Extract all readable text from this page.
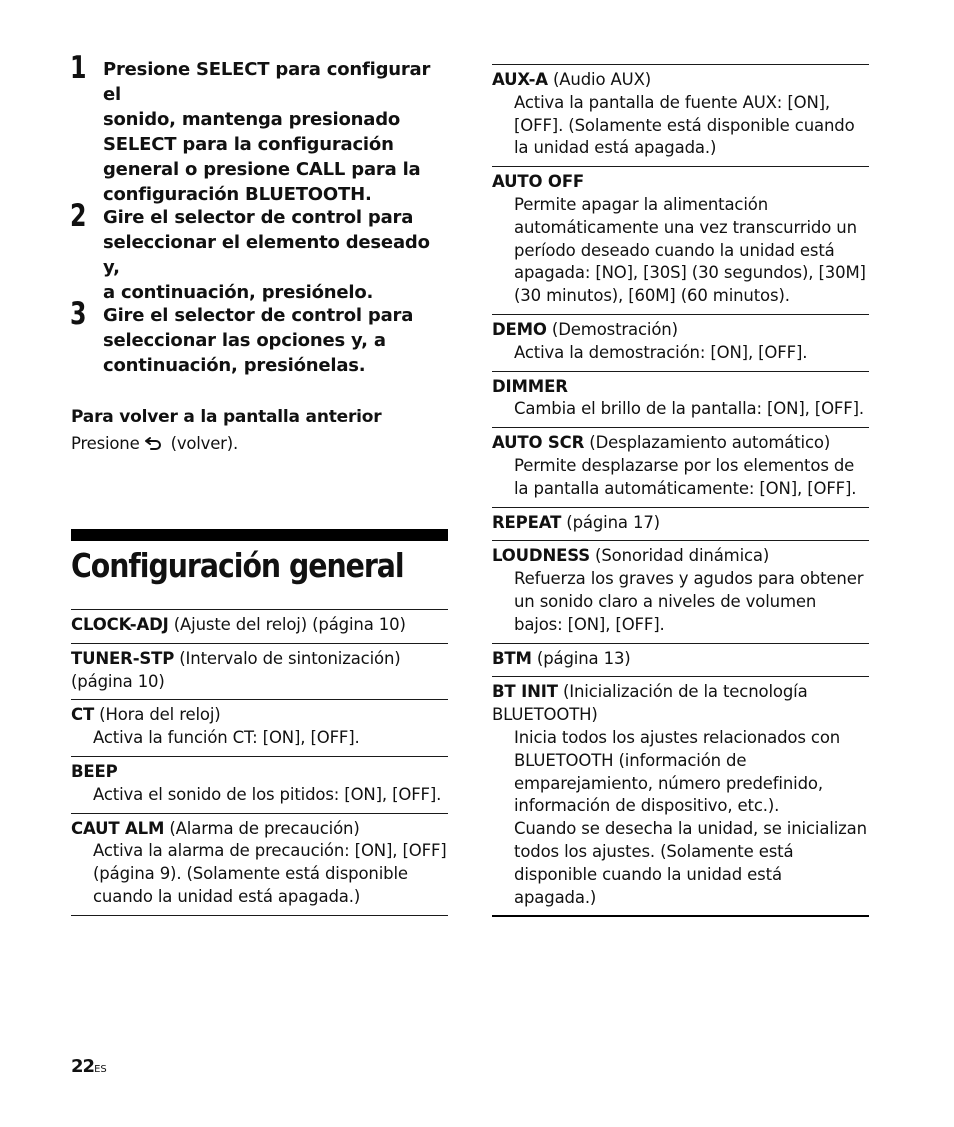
1 Presione SELECT para configurar el
sonido, mantenga presionado
SELECT para la configuración
general o presione CALL para la
configuración BLUETOOTH.
2 Gire el selector de control para
seleccionar el elemento deseado y,
a continuación, presiónelo.
3 Gire el selector de control para
seleccionar las opciones y, a
continuación, presiónelas.
Para volver a la pantalla anterior
Presione (volver).
Configuración general
CLOCK-ADJ (Ajuste del reloj) (página 10)
TUNER-STP (Intervalo de sintonización) (página 10)
CT (Hora del reloj)
Activa la función CT: [ON], [OFF].
BEEP
Activa el sonido de los pitidos: [ON], [OFF].
CAUT ALM (Alarma de precaución)
Activa la alarma de precaución: [ON], [OFF] (página 9). (Solamente está disponible cuando la unidad está apagada.)
AUX-A (Audio AUX)
Activa la pantalla de fuente AUX: [ON], [OFF]. (Solamente está disponible cuando la unidad está apagada.)
AUTO OFF
Permite apagar la alimentación automáticamente una vez transcurrido un período deseado cuando la unidad está apagada: [NO], [30S] (30 segundos), [30M] (30 minutos), [60M] (60 minutos).
DEMO (Demostración)
Activa la demostración: [ON], [OFF].
DIMMER
Cambia el brillo de la pantalla: [ON], [OFF].
AUTO SCR (Desplazamiento automático)
Permite desplazarse por los elementos de la pantalla automáticamente: [ON], [OFF].
REPEAT (página 17)
LOUDNESS (Sonoridad dinámica)
Refuerza los graves y agudos para obtener un sonido claro a niveles de volumen bajos: [ON], [OFF].
BTM (página 13)
BT INIT (Inicialización de la tecnología BLUETOOTH)
Inicia todos los ajustes relacionados con BLUETOOTH (información de emparejamiento, número predefinido, información de dispositivo, etc.).
Cuando se desecha la unidad, se inicializan todos los ajustes. (Solamente está disponible cuando la unidad está apagada.)
22ES
